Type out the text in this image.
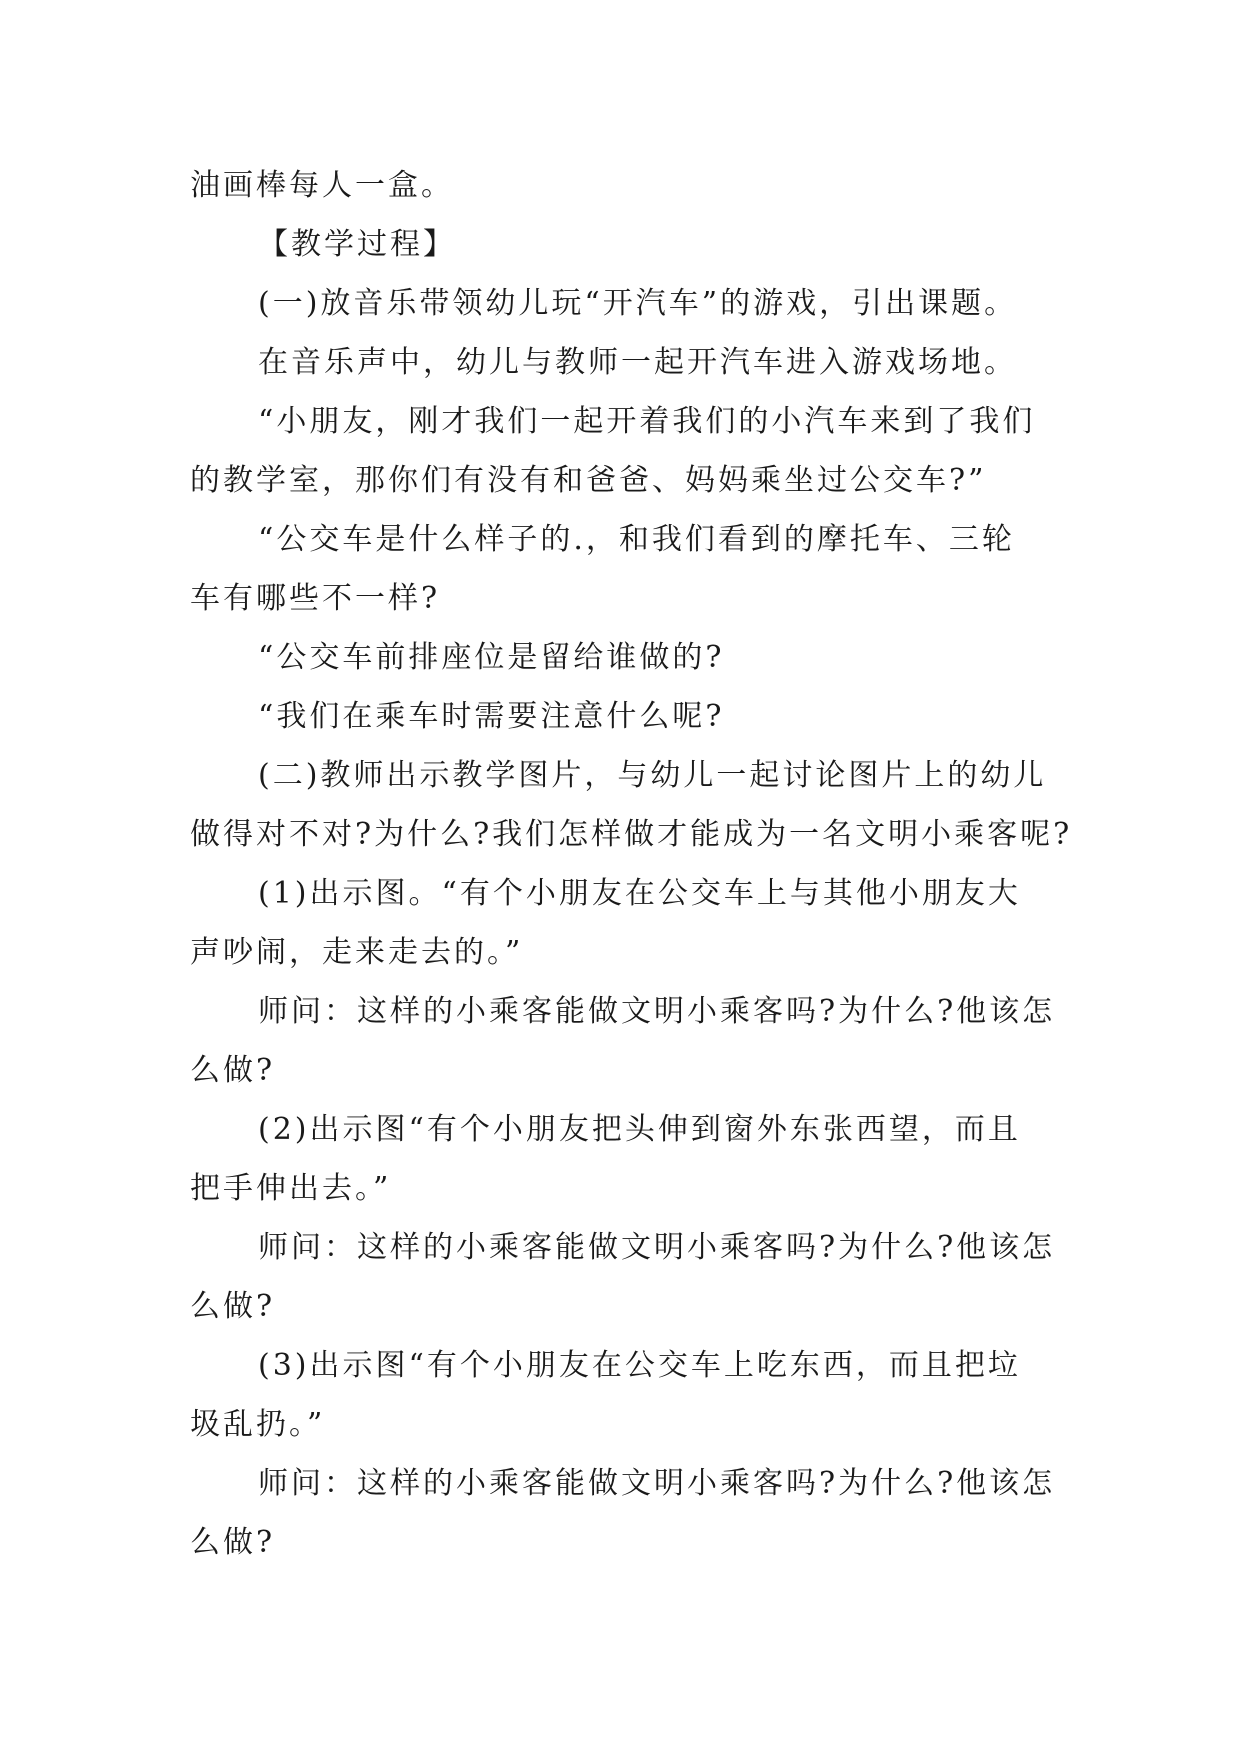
油画棒每人一盒。
【教学过程】
(一)放音乐带领幼儿玩“开汽车”的游戏，引出课题。
在音乐声中，幼儿与教师一起开汽车进入游戏场地。
“小朋友，刚才我们一起开着我们的小汽车来到了我们
的教学室，那你们有没有和爸爸、妈妈乘坐过公交车?”
“公交车是什么样子的.，和我们看到的摩托车、三轮
车有哪些不一样?
“公交车前排座位是留给谁做的?
“我们在乘车时需要注意什么呢?
(二)教师出示教学图片，与幼儿一起讨论图片上的幼儿
做得对不对?为什么?我们怎样做才能成为一名文明小乘客呢?
(1)出示图。“有个小朋友在公交车上与其他小朋友大
声吵闹，走来走去的。”
师问：这样的小乘客能做文明小乘客吗?为什么?他该怎
么做?
(2)出示图“有个小朋友把头伸到窗外东张西望，而且
把手伸出去。”
师问：这样的小乘客能做文明小乘客吗?为什么?他该怎
么做?
(3)出示图“有个小朋友在公交车上吃东西，而且把垃
圾乱扔。”
师问：这样的小乘客能做文明小乘客吗?为什么?他该怎
么做?
